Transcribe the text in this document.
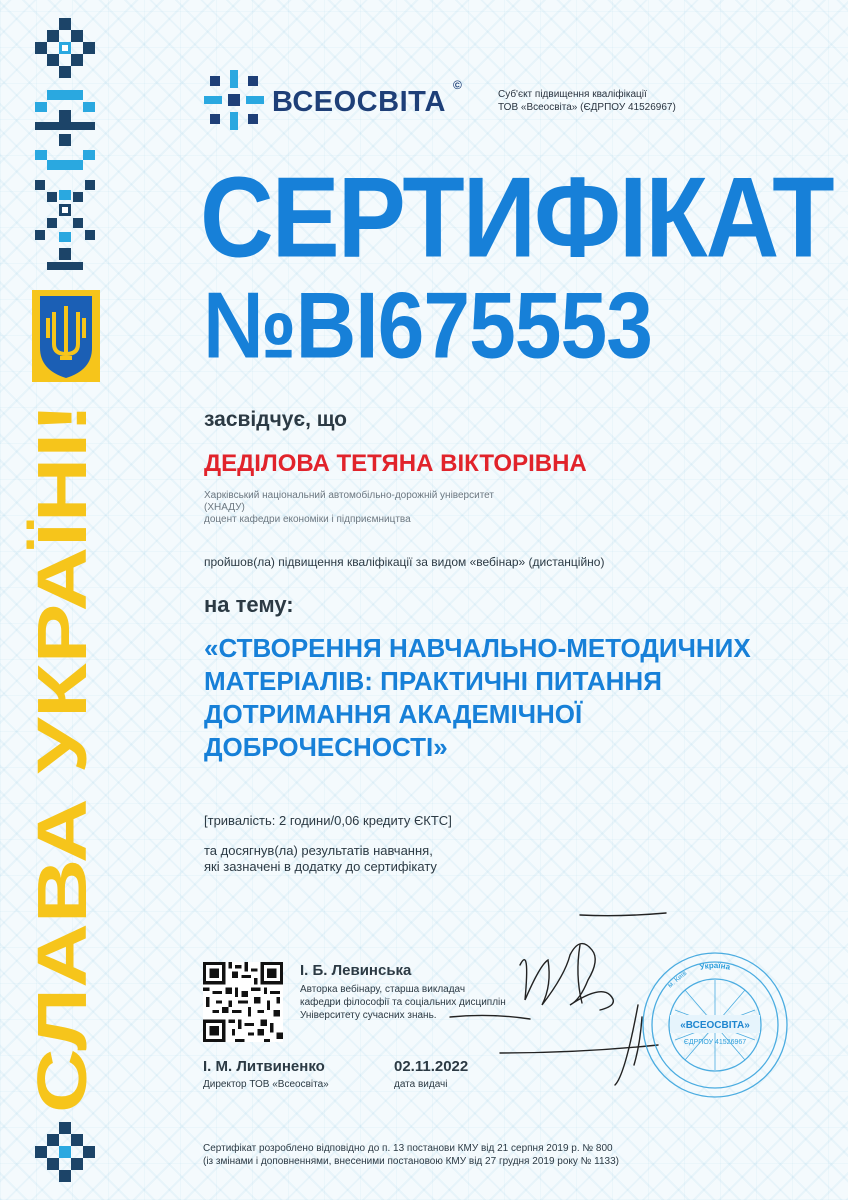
СЛАВА УКРАЇНІ!
ВСЕОСВІТА
©
Суб'єкт підвищення кваліфікації
ТОВ «Всеосвіта» (ЄДРПОУ 41526967)
СЕРТИФІКАТ
№ВІ675553
засвідчує, що
ДЕДІЛОВА ТЕТЯНА ВІКТОРІВНА
Харківський національний автомобільно-дорожній університет
(ХНАДУ)
доцент кафедри економіки і підприємництва
пройшов(ла) підвищення кваліфікації за видом «вебінар» (дистанційно)
на тему:
«СТВОРЕННЯ НАВЧАЛЬНО-МЕТОДИЧНИХ
МАТЕРІАЛІВ: ПРАКТИЧНІ ПИТАННЯ
ДОТРИМАННЯ АКАДЕМІЧНОЇ
ДОБРОЧЕСНОСТІ»
[тривалість: 2 години/0,06 кредиту ЄКТС]
та досягнув(ла) результатів навчання,
які зазначені в додатку до сертифікату
І. Б. Левинська
Авторка вебінару, старша викладач
кафедри філософії та соціальних дисциплін
Університету сучасних знань.
І. М. Литвиненко
Директор ТОВ «Всеосвіта»
02.11.2022
дата видачі
Україна
«ВСЕОСВІТА»
ЄДРПОУ 41526967
м. Київ
Сертифікат розроблено відповідно до п. 13 постанови КМУ від 21 серпня 2019 р. № 800
(із змінами і доповненнями, внесеними постановою КМУ від 27 грудня 2019 року № 1133)
